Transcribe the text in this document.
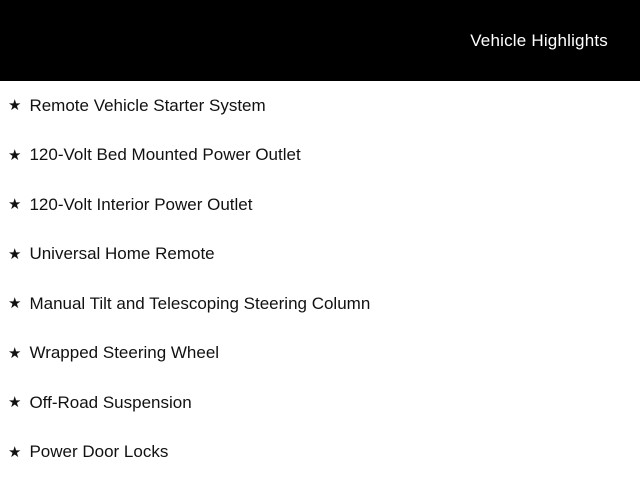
Vehicle Highlights
★ Remote Vehicle Starter System
★ 120-Volt Bed Mounted Power Outlet
★ 120-Volt Interior Power Outlet
★ Universal Home Remote
★ Manual Tilt and Telescoping Steering Column
★ Wrapped Steering Wheel
★ Off-Road Suspension
★ Power Door Locks
